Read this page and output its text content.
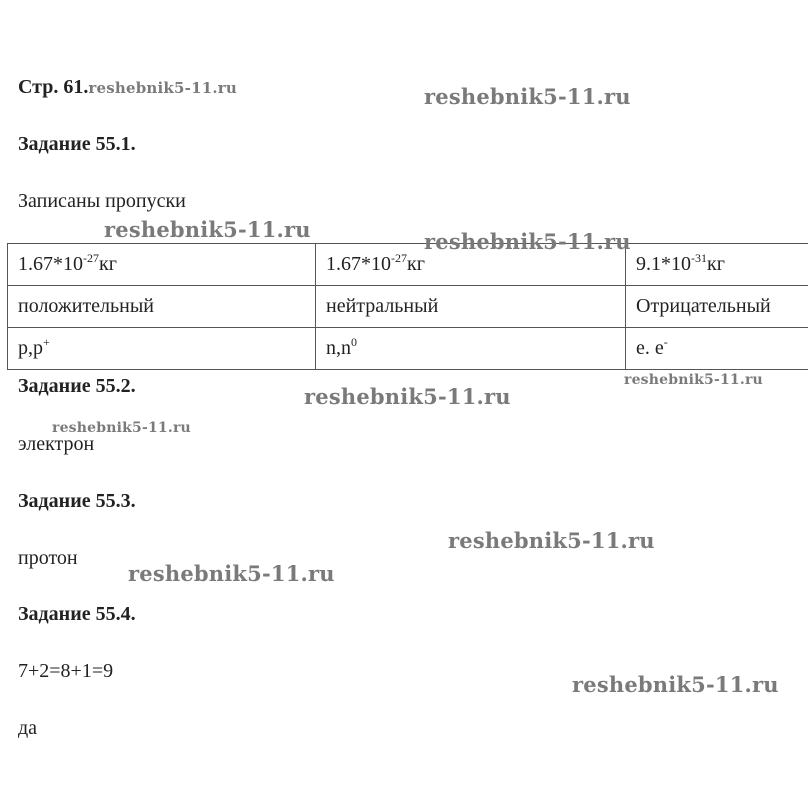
Стр. 61.reshebnik5-11.ru
Задание 55.1.
Записаны пропуски
$1.67*10^{-27}кг$	$1.67*10^{-27}кг$	$9.1*10^{-31}кг$
положительный	нейтральный	Отрицательный
p,p+	$n,n^0$	e. e-
Задание 55.2.
электрон
Задание 55.3.
протон
Задание 55.4.
7+2=8+1=9
да
reshebnik5-11.ru
reshebnik5-11.ru	reshebnik5-11.ru
reshebnik5-11.ru
reshebnik5-11.ru
reshebnik5-11.ru
reshebnik5-11.ru
reshebnik5-11.ru
reshebnik5-11.ru
